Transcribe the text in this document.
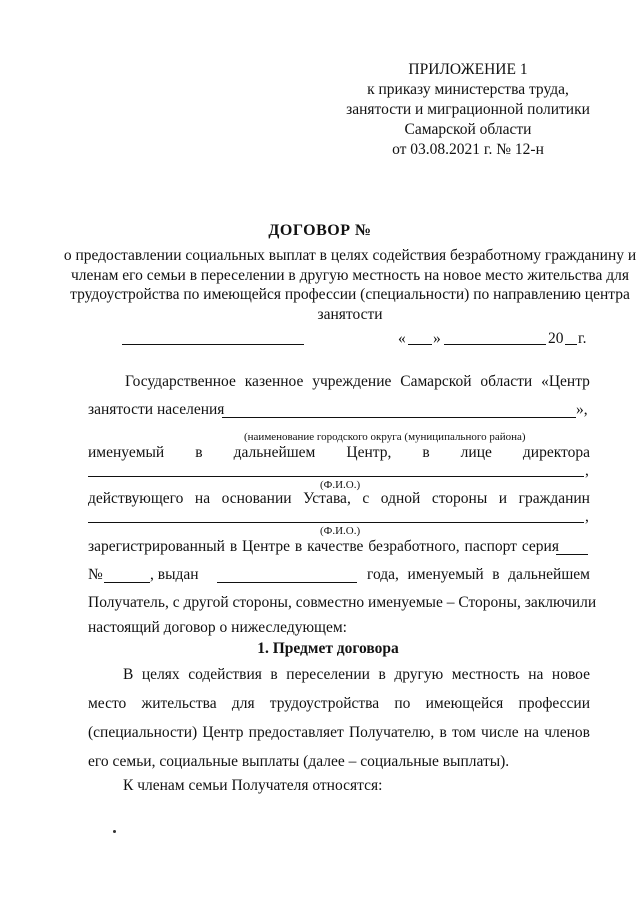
ПРИЛОЖЕНИЕ 1
к приказу министерства труда,
занятости и миграционной политики
Самарской области
от 03.08.2021 г. № 12-н
ДОГОВОР №
о предоставлении социальных выплат в целях содействия безработному гражданину и членам его семьи в переселении в другую местность на новое место жительства для трудоустройства по имеющейся профессии (специальности) по направлению центра занятости
« »	20 г.
Государственное казенное учреждение Самарской области «Центр
занятости населения	»,
(наименование городского округа (муниципального района)
именуемый в дальнейшем Центр, в лице директора
,
(Ф.И.О.)
действующего на основании Устава, с одной стороны и гражданин
,
(Ф.И.О.)
зарегистрированный в Центре в качестве безработного, паспорт серия
№	, выдан	года, именуемый в дальнейшем
Получатель, с другой стороны, совместно именуемые – Стороны, заключили
настоящий договор о нижеследующем:
1. Предмет договора
В целях содействия в переселении в другую местность на новое место жительства для трудоустройства по имеющейся профессии (специальности) Центр предоставляет Получателю, в том числе на членов его семьи, социальные выплаты (далее – социальные выплаты).
К членам семьи Получателя относятся:
